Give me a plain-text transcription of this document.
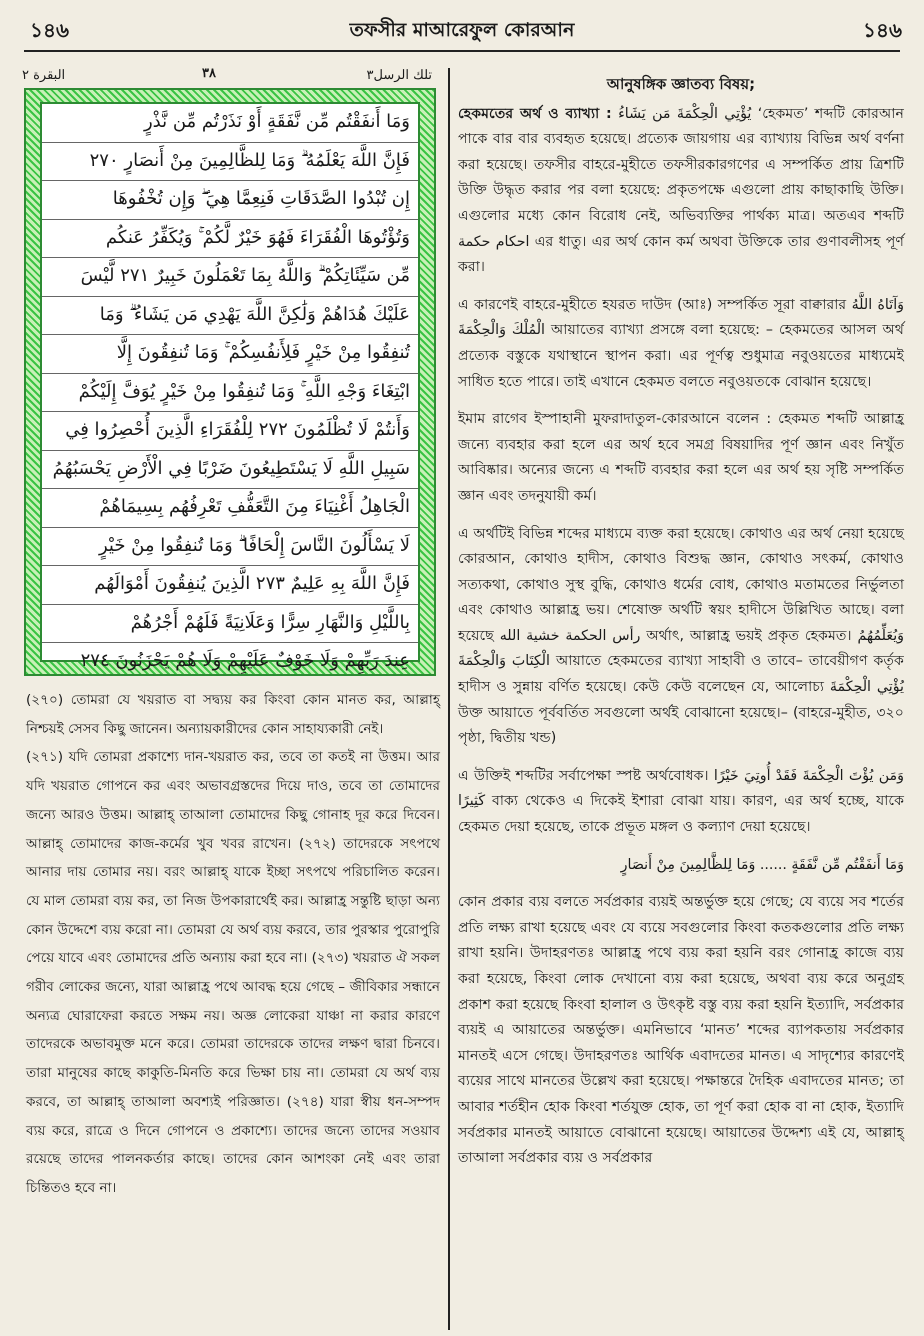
১৪৬	তফসীর মাআরেফুল কোরআন	১৪৬
البقرة ٢	٣٨	تلك الرسل٣
وَمَا أَنفَقْتُم مِّن نَّفَقَةٍ أَوْ نَذَرْتُم مِّن نَّذْرٍ
فَإِنَّ اللَّهَ يَعْلَمُهُ ۗ وَمَا لِلظَّالِمِينَ مِنْ أَنصَارٍ ٢٧٠
إِن تُبْدُوا الصَّدَقَاتِ فَنِعِمَّا هِيَ ۖ وَإِن تُخْفُوهَا
وَتُؤْتُوهَا الْفُقَرَاءَ فَهُوَ خَيْرٌ لَّكُمْ ۚ وَيُكَفِّرُ عَنكُم
مِّن سَيِّئَاتِكُمْ ۗ وَاللَّهُ بِمَا تَعْمَلُونَ خَبِيرٌ ٢٧١ لَّيْسَ
عَلَيْكَ هُدَاهُمْ وَلَٰكِنَّ اللَّهَ يَهْدِي مَن يَشَاءُ ۗ وَمَا
تُنفِقُوا مِنْ خَيْرٍ فَلِأَنفُسِكُمْ ۚ وَمَا تُنفِقُونَ إِلَّا
ابْتِغَاءَ وَجْهِ اللَّهِ ۚ وَمَا تُنفِقُوا مِنْ خَيْرٍ يُوَفَّ إِلَيْكُمْ
وَأَنتُمْ لَا تُظْلَمُونَ ٢٧٢ لِلْفُقَرَاءِ الَّذِينَ أُحْصِرُوا فِي
سَبِيلِ اللَّهِ لَا يَسْتَطِيعُونَ ضَرْبًا فِي الْأَرْضِ يَحْسَبُهُمُ
الْجَاهِلُ أَغْنِيَاءَ مِنَ التَّعَفُّفِ تَعْرِفُهُم بِسِيمَاهُمْ
لَا يَسْأَلُونَ النَّاسَ إِلْحَافًا ۗ وَمَا تُنفِقُوا مِنْ خَيْرٍ
فَإِنَّ اللَّهَ بِهِ عَلِيمٌ ٢٧٣ الَّذِينَ يُنفِقُونَ أَمْوَالَهُم
بِاللَّيْلِ وَالنَّهَارِ سِرًّا وَعَلَانِيَةً فَلَهُمْ أَجْرُهُمْ
عِندَ رَبِّهِمْ وَلَا خَوْفٌ عَلَيْهِمْ وَلَا هُمْ يَحْزَنُونَ ٢٧٤

(২৭০) তোমরা যে খয়রাত বা সদ্ব্যয় কর কিংবা কোন মানত কর, আল্লাহ্ নিশ্চয়ই সেসব কিছু জানেন। অন্যায়কারীদের কোন সাহায্যকারী নেই।

(২৭১) যদি তোমরা প্রকাশ্যে দান-খয়রাত কর, তবে তা কতই না উত্তম। আর যদি খয়রাত গোপনে কর এবং অভাবগ্রস্তদের দিয়ে দাও, তবে তা তোমাদের জন্যে আরও উত্তম। আল্লাহ্ তাআলা তোমাদের কিছু গোনাহ দূর করে দিবেন। আল্লাহ্ তোমাদের কাজ-কর্মের খুব খবর রাখেন। (২৭২) তাদেরকে সৎপথে আনার দায় তোমার নয়। বরং আল্লাহ্ যাকে ইচ্ছা সৎপথে পরিচালিত করেন। যে মাল তোমরা ব্যয় কর, তা নিজ উপকারার্থেই কর। আল্লাহ্র সন্তুষ্টি ছাড়া অন্য কোন উদ্দেশে ব্যয় করো না। তোমরা যে অর্থ ব্যয় করবে, তার পুরস্কার পুরোপুরি পেয়ে যাবে এবং তোমাদের প্রতি অন্যায় করা হবে না। (২৭৩) খয়রাত ঐ সকল গরীব লোকের জন্যে, যারা আল্লাহ্র পথে আবদ্ধ হয়ে গেছে – জীবিকার সন্ধানে অন্যত্র ঘোরাফেরা করতে সক্ষম নয়। অজ্ঞ লোকেরা যাঞ্চা না করার কারণে তাদেরকে অভাবমুক্ত মনে করে। তোমরা তাদেরকে তাদের লক্ষণ দ্বারা চিনবে। তারা মানুষের কাছে কাকুতি-মিনতি করে ভিক্ষা চায় না। তোমরা যে অর্থ ব্যয় করবে, তা আল্লাহ্ তাআলা অবশ্যই পরিজ্ঞাত। (২৭৪) যারা স্বীয় ধন-সম্পদ ব্যয় করে, রাত্রে ও দিনে গোপনে ও প্রকাশ্যে। তাদের জন্যে তাদের সওয়াব রয়েছে তাদের পালনকর্তার কাছে। তাদের কোন আশংকা নেই এবং তারা চিন্তিতও হবে না।

আনুষঙ্গিক জ্ঞাতব্য বিষয়;

হেকমতের অর্থ ও ব্যাখ্যা : يُؤْتِي الْحِكْمَةَ مَن يَشَاءُ ‘হেকমত’ শব্দটি কোরআন পাকে বার বার ব্যবহৃত হয়েছে। প্রত্যেক জায়গায় এর ব্যাখ্যায় বিভিন্ন অর্থ বর্ণনা করা হয়েছে। তফসীর বাহরে-মুহীতে তফসীরকারগণের এ সম্পর্কিত প্রায় ত্রিশটি উক্তি উদ্ধৃত করার পর বলা হয়েছে: প্রকৃতপক্ষে এগুলো প্রায় কাছাকাছি উক্তি। এগুলোর মধ্যে কোন বিরোধ নেই, অভিব্যক্তির পার্থক্য মাত্র। অতএব শব্দটি احكام حكمة এর ধাতু। এর অর্থ কোন কর্ম অথবা উক্তিকে তার গুণাবলীসহ পূর্ণ করা।

এ কারণেই বাহরে-মুহীতে হযরত দাউদ (আঃ) সম্পর্কিত সূরা বাক্বারার وَآتَاهُ اللَّهُ الْمُلْكَ وَالْحِكْمَةَ আয়াতের ব্যাখ্যা প্রসঙ্গে বলা হয়েছে: – হেকমতের আসল অর্থ প্রত্যেক বস্তুকে যথাস্থানে স্থাপন করা। এর পূর্ণত্ব শুধুমাত্র নবুওয়তের মাধ্যমেই সাধিত হতে পারে। তাই এখানে হেকমত বলতে নবুওয়তকে বোঝান হয়েছে।

ইমাম রাগেব ইস্পাহানী মুফরাদাতুল-কোরআনে বলেন : হেকমত শব্দটি আল্লাহ্র জন্যে ব্যবহার করা হলে এর অর্থ হবে সমগ্র বিষয়াদির পূর্ণ জ্ঞান এবং নিখুঁত আবিষ্কার। অন্যের জন্যে এ শব্দটি ব্যবহার করা হলে এর অর্থ হয় সৃষ্টি সম্পর্কিত জ্ঞান এবং তদনুযায়ী কর্ম।

এ অর্থটিই বিভিন্ন শব্দের মাধ্যমে ব্যক্ত করা হয়েছে। কোথাও এর অর্থ নেয়া হয়েছে কোরআন, কোথাও হাদীস, কোথাও বিশুদ্ধ জ্ঞান, কোথাও সৎকর্ম, কোথাও সত্যকথা, কোথাও সুস্থ বুদ্ধি, কোথাও ধর্মের বোধ, কোথাও মতামতের নির্ভুলতা এবং কোথাও আল্লাহ্র ভয়। শেষোক্ত অর্থটি স্বয়ং হাদীসে উল্লিখিত আছে। বলা হয়েছে رأس الحكمة خشية الله অর্থাৎ, আল্লাহ্র ভয়ই প্রকৃত হেকমত। وَيُعَلِّمُهُمُ الْكِتَابَ وَالْحِكْمَةَ আয়াতে হেকমতের ব্যাখ্যা সাহাবী ও তাবে– তাবেয়ীগণ কর্তৃক হাদীস ও সুন্নায় বর্ণিত হয়েছে। কেউ কেউ বলেছেন যে, আলোচ্য يُؤْتِي الْحِكْمَةَ উক্ত আয়াতে পূর্ববর্তিত সবগুলো অর্থই বোঝানো হয়েছে।– (বাহরে-মুহীত, ৩২০ পৃষ্ঠা, দ্বিতীয় খন্ড)

এ উক্তিই শব্দটির সর্বাপেক্ষা স্পষ্ট অর্থবোধক।	وَمَن يُؤْتَ الْحِكْمَةَ فَقَدْ أُوتِيَ خَيْرًا كَثِيرًا বাক্য থেকেও এ দিকেই ইশারা বোঝা যায়। কারণ, এর অর্থ হচ্ছে, যাকে হেকমত দেয়া হয়েছে, তাকে প্রভূত মঙ্গল ও কল্যাণ দেয়া হয়েছে।

وَمَا أَنفَقْتُم مِّن نَّفَقَةٍ ...... وَمَا لِلظَّالِمِينَ مِنْ أَنصَارٍ

কোন প্রকার ব্যয় বলতে সর্বপ্রকার ব্যয়ই অন্তর্ভুক্ত হয়ে গেছে; যে ব্যয়ে সব শর্তের প্রতি লক্ষ্য রাখা হয়েছে এবং যে ব্যয়ে সবগুলোর কিংবা কতকগুলোর প্রতি লক্ষ্য রাখা হয়নি। উদাহরণতঃ আল্লাহ্র পথে ব্যয় করা হয়নি বরং গোনাহ্র কাজে ব্যয় করা হয়েছে, কিংবা লোক দেখানো ব্যয় করা হয়েছে, অথবা ব্যয় করে অনুগ্রহ প্রকাশ করা হয়েছে কিংবা হালাল ও উৎকৃষ্ট বস্তু ব্যয় করা হয়নি ইত্যাদি, সর্বপ্রকার ব্যয়ই এ আয়াতের অন্তর্ভুক্ত। এমনিভাবে ‘মানত’ শব্দের ব্যাপকতায় সর্বপ্রকার মানতই এসে গেছে। উদাহরণতঃ আর্থিক এবাদতের মানত। এ সাদৃশ্যের কারণেই ব্যয়ের সাথে মানতের উল্লেখ করা হয়েছে। পক্ষান্তরে দৈহিক এবাদতের মানত; তা আবার শর্তহীন হোক কিংবা শর্তযুক্ত হোক, তা পূর্ণ করা হোক বা না হোক, ইত্যাদি সর্বপ্রকার মানতই আয়াতে বোঝানো হয়েছে। আয়াতের উদ্দেশ্য এই যে, আল্লাহ্ তাআলা সর্বপ্রকার ব্যয় ও সর্বপ্রকার
